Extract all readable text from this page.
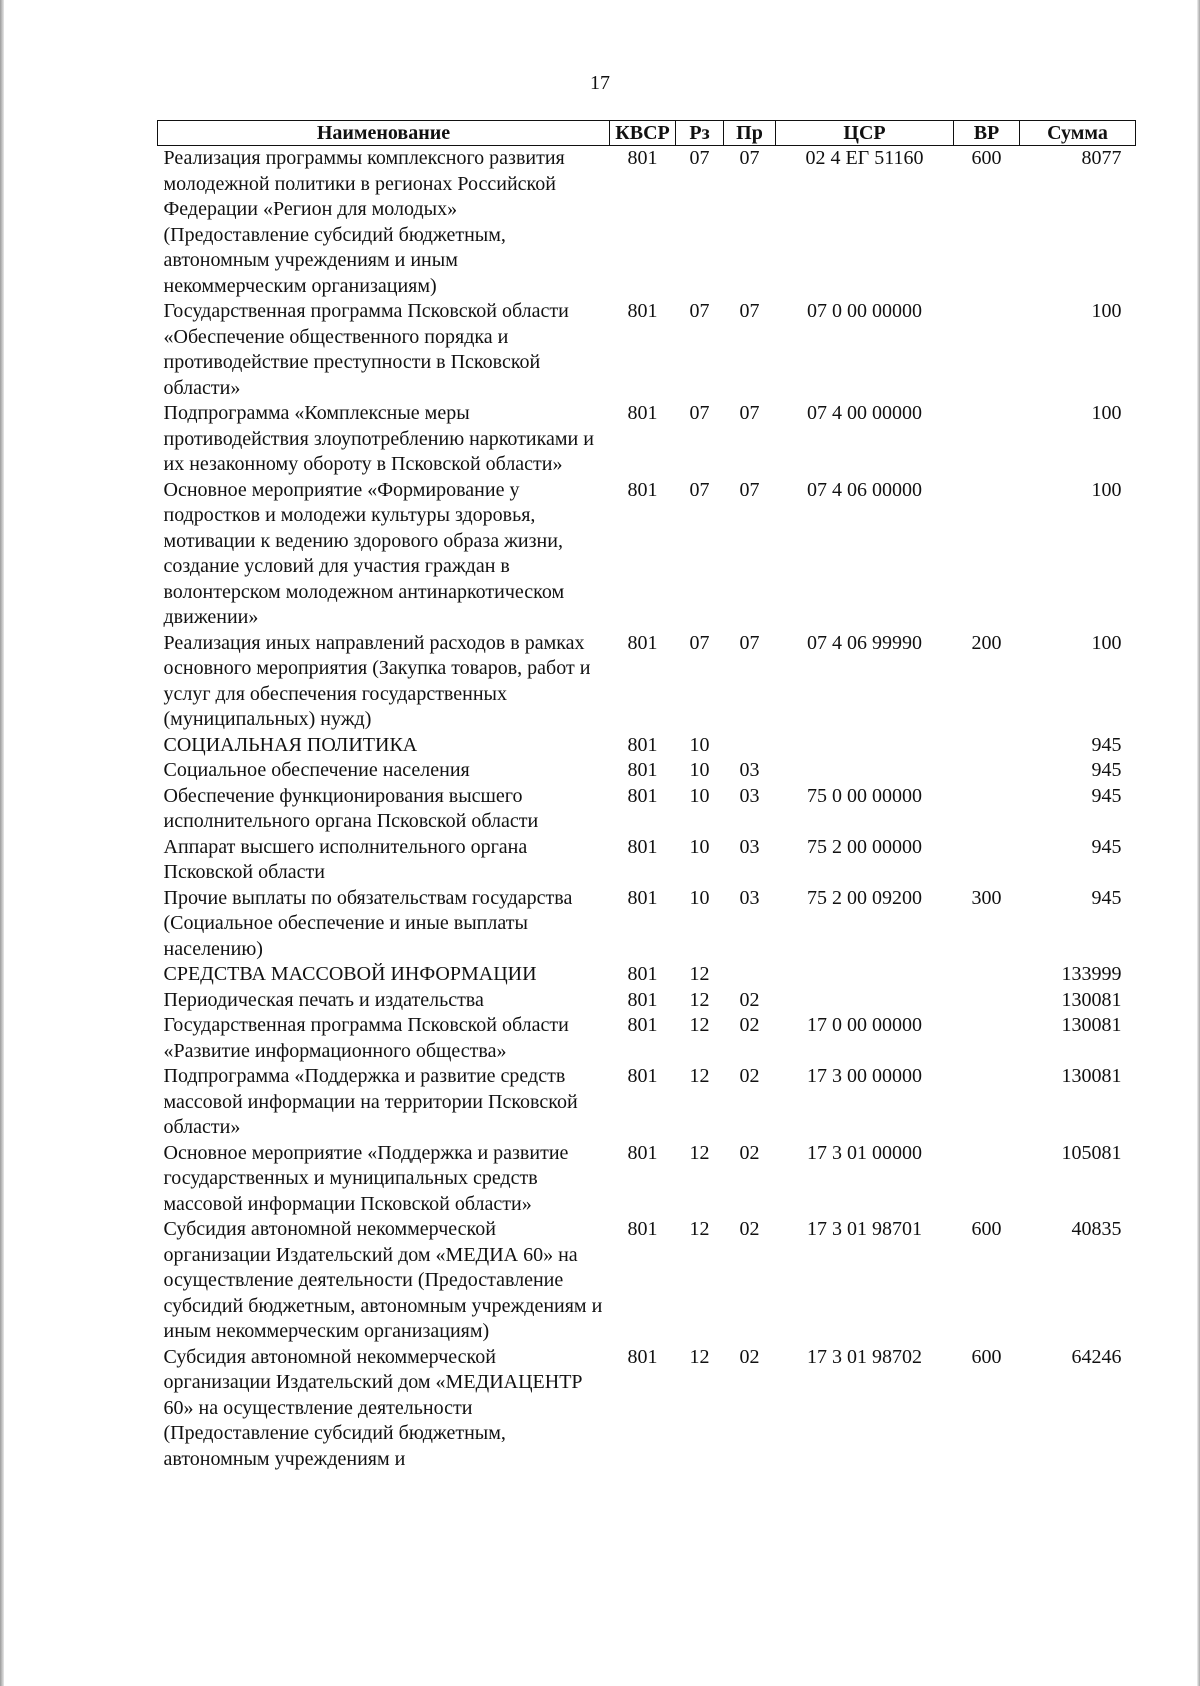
17
Наименование	КВСР	Рз	Пр	ЦСР	ВР	Сумма
Реализация программы комплексного развития молодежной политики в регионах Российской Федерации «Регион для молодых» (Предоставление субсидий бюджетным, автономным учреждениям и иным некоммерческим организациям)	801	07	07	02 4 ЕГ 51160	600	8077
Государственная программа Псковской области «Обеспечение общественного порядка и противодействие преступности в Псковской области»	801	07	07	07 0 00 00000		100
Подпрограмма «Комплексные меры противодействия злоупотреблению наркотиками и их незаконному обороту в Псковской области»	801	07	07	07 4 00 00000		100
Основное мероприятие «Формирование у подростков и молодежи культуры здоровья, мотивации к ведению здорового образа жизни, создание условий для участия граждан в волонтерском молодежном антинаркотическом движении»	801	07	07	07 4 06 00000		100
Реализация иных направлений расходов в рамках основного мероприятия (Закупка товаров, работ и услуг для обеспечения государственных (муниципальных) нужд)	801	07	07	07 4 06 99990	200	100
СОЦИАЛЬНАЯ ПОЛИТИКА	801	10				945
Социальное обеспечение населения	801	10	03			945
Обеспечение функционирования высшего исполнительного органа Псковской области	801	10	03	75 0 00 00000		945
Аппарат высшего исполнительного органа Псковской области	801	10	03	75 2 00 00000		945
Прочие выплаты по обязательствам государства (Социальное обеспечение и иные выплаты населению)	801	10	03	75 2 00 09200	300	945
СРЕДСТВА МАССОВОЙ ИНФОРМАЦИИ	801	12				133999
Периодическая печать и издательства	801	12	02			130081
Государственная программа Псковской области «Развитие информационного общества»	801	12	02	17 0 00 00000		130081
Подпрограмма «Поддержка и развитие средств массовой информации на территории Псковской области»	801	12	02	17 3 00 00000		130081
Основное мероприятие «Поддержка и развитие государственных и муниципальных средств массовой информации Псковской области»	801	12	02	17 3 01 00000		105081
Субсидия автономной некоммерческой организации Издательский дом «МЕДИА 60» на осуществление деятельности (Предоставление субсидий бюджетным, автономным учреждениям и иным некоммерческим организациям)	801	12	02	17 3 01 98701	600	40835
Субсидия автономной некоммерческой организации Издательский дом «МЕДИАЦЕНТР 60» на осуществление деятельности (Предоставление субсидий бюджетным, автономным учреждениям и	801	12	02	17 3 01 98702	600	64246
